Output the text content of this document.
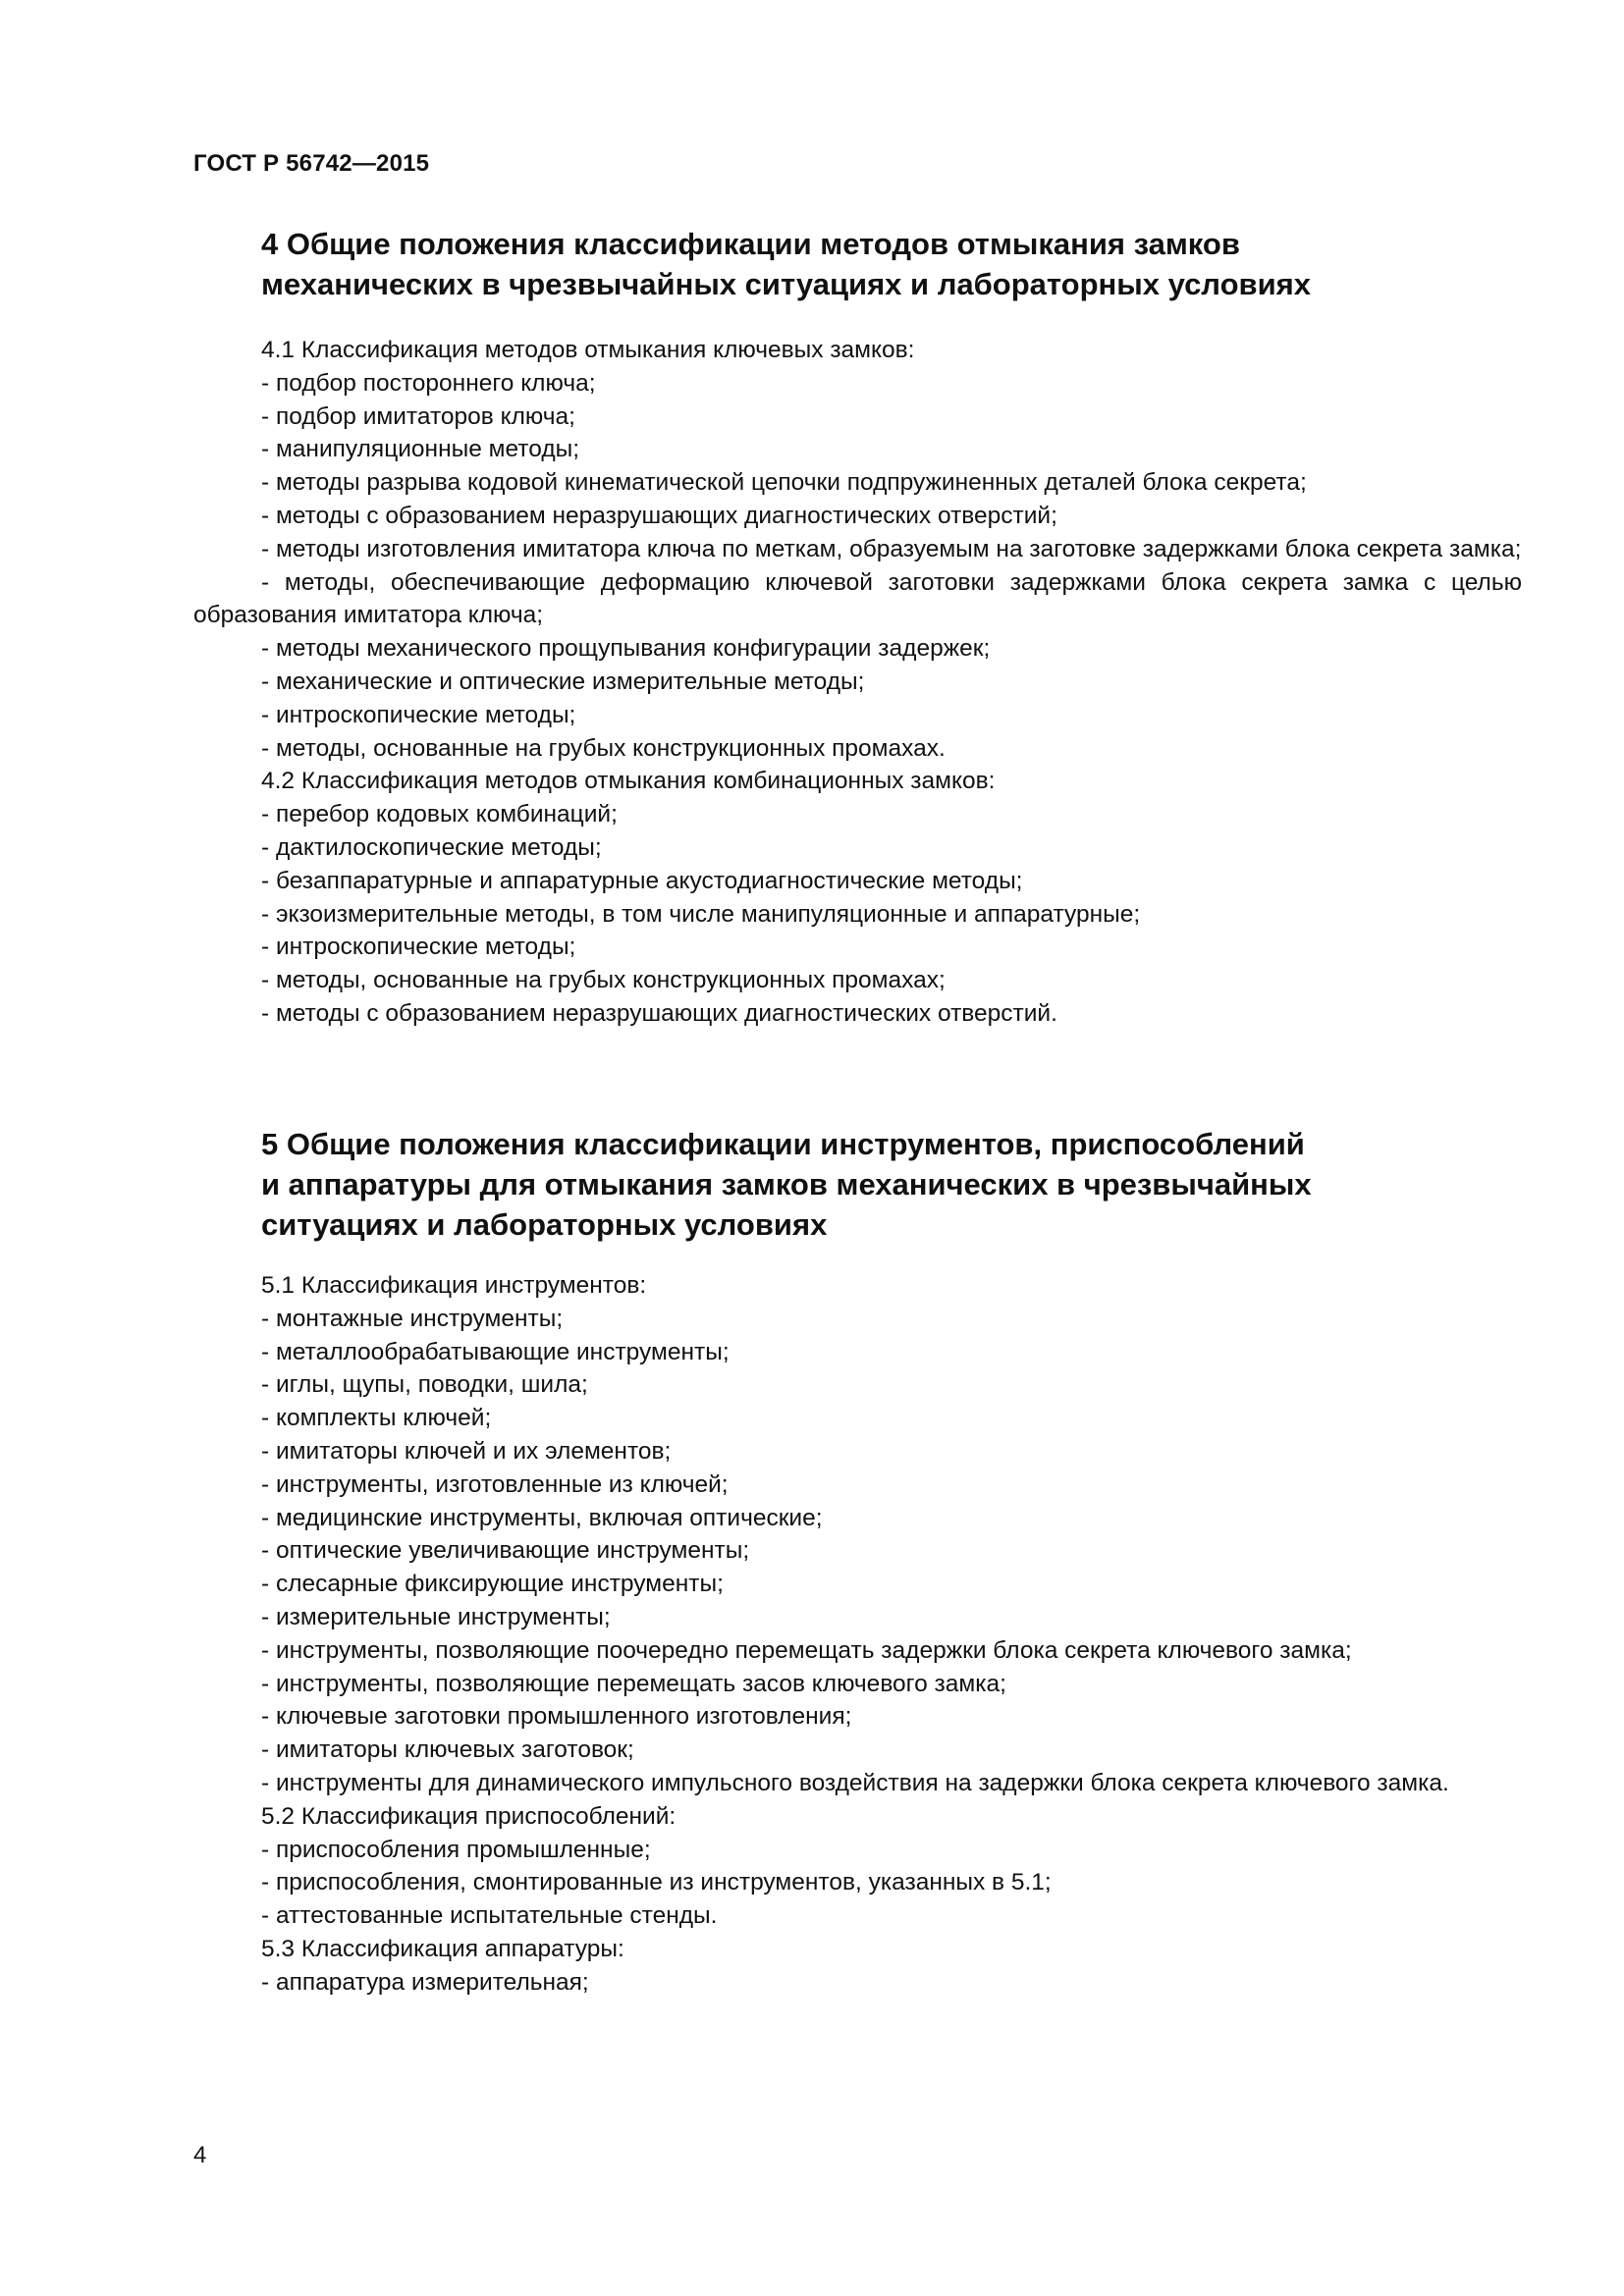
ГОСТ Р 56742—2015
4 Общие положения классификации методов отмыкания замков
механических в чрезвычайных ситуациях и лабораторных условиях

4.1 Классификация методов отмыкания ключевых замков:

- подбор постороннего ключа;

- подбор имитаторов ключа;

- манипуляционные методы;

- методы разрыва кодовой кинематической цепочки подпружиненных деталей блока секрета;

- методы с образованием неразрушающих диагностических отверстий;

- методы изготовления имитатора ключа по меткам, образуемым на заготовке задержками блока секрета замка;

- методы, обеспечивающие деформацию ключевой заготовки задержками блока секрета замка с целью образования имитатора ключа;

- методы механического прощупывания конфигурации задержек;

- механические и оптические измерительные методы;

- интроскопические методы;

- методы, основанные на грубых конструкционных промахах.

4.2 Классификация методов отмыкания комбинационных замков:

- перебор кодовых комбинаций;

- дактилоскопические методы;

- безаппаратурные и аппаратурные акустодиагностические методы;

- экзоизмерительные методы, в том числе манипуляционные и аппаратурные;

- интроскопические методы;

- методы, основанные на грубых конструкционных промахах;

- методы с образованием неразрушающих диагностических отверстий.

5 Общие положения классификации инструментов, приспособлений
и аппаратуры для отмыкания замков механических в чрезвычайных
ситуациях и лабораторных условиях

5.1 Классификация инструментов:

- монтажные инструменты;

- металлообрабатывающие инструменты;

- иглы, щупы, поводки, шила;

- комплекты ключей;

- имитаторы ключей и их элементов;

- инструменты, изготовленные из ключей;

- медицинские инструменты, включая оптические;

- оптические увеличивающие инструменты;

- слесарные фиксирующие инструменты;

- измерительные инструменты;

- инструменты, позволяющие поочередно перемещать задержки блока секрета ключевого замка;

- инструменты, позволяющие перемещать засов ключевого замка;

- ключевые заготовки промышленного изготовления;

- имитаторы ключевых заготовок;

- инструменты для динамического импульсного воздействия на задержки блока секрета ключевого замка.

5.2 Классификация приспособлений:

- приспособления промышленные;

- приспособления, смонтированные из инструментов, указанных в 5.1;

- аттестованные испытательные стенды.

5.3 Классификация аппаратуры:

- аппаратура измерительная;

4
